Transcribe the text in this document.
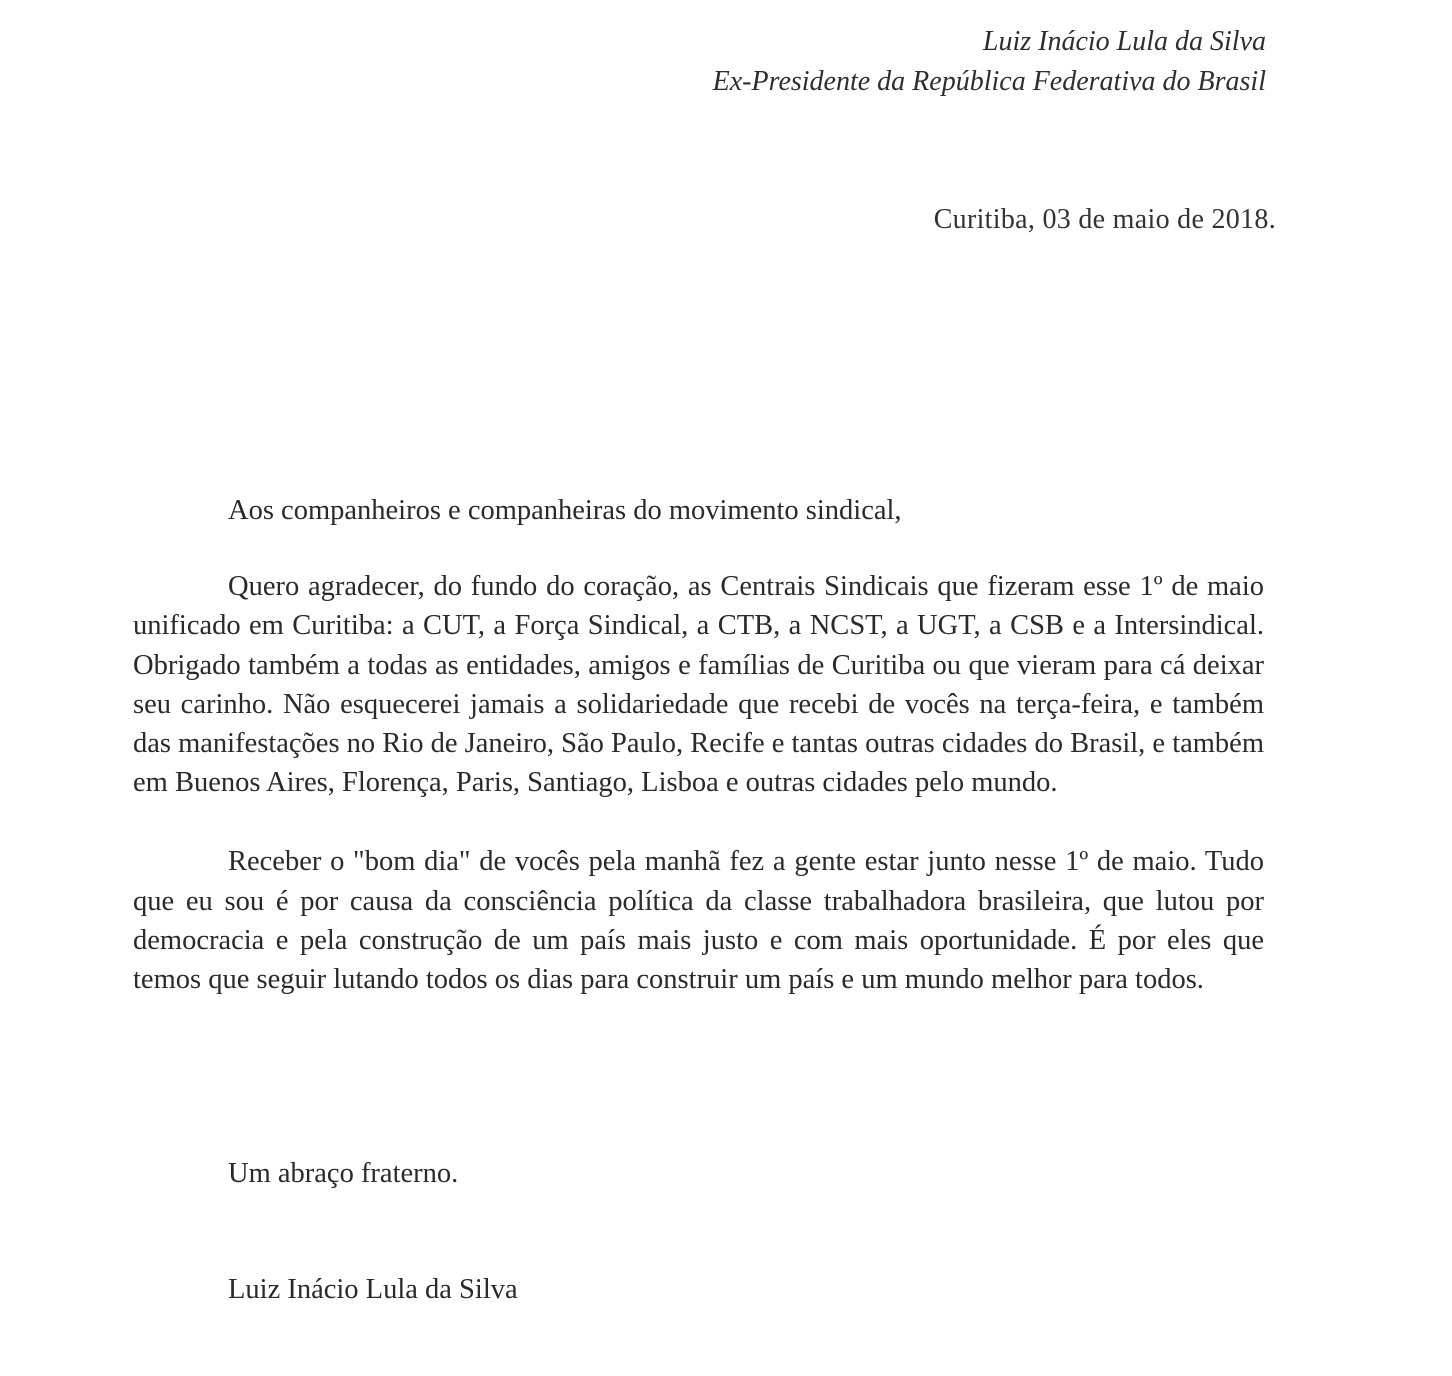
Luiz Inácio Lula da Silva
Ex-Presidente da República Federativa do Brasil
Curitiba, 03 de maio de 2018.

Aos companheiros e companheiras do movimento sindical,

Quero agradecer, do fundo do coração, as Centrais Sindicais que fizeram esse 1º de maio unificado em Curitiba: a CUT, a Força Sindical, a CTB, a NCST, a UGT, a CSB e a Intersindical. Obrigado também a todas as entidades, amigos e famílias de Curitiba ou que vieram para cá deixar seu carinho. Não esquecerei jamais a solidariedade que recebi de vocês na terça-feira, e também das manifestações no Rio de Janeiro, São Paulo, Recife e tantas outras cidades do Brasil, e também em Buenos Aires, Florença, Paris, Santiago, Lisboa e outras cidades pelo mundo.

Receber o "bom dia" de vocês pela manhã fez a gente estar junto nesse 1º de maio. Tudo que eu sou é por causa da consciência política da classe trabalhadora brasileira, que lutou por democracia e pela construção de um país mais justo e com mais oportunidade. É por eles que temos que seguir lutando todos os dias para construir um país e um mundo melhor para todos.

Um abraço fraterno.
Luiz Inácio Lula da Silva
